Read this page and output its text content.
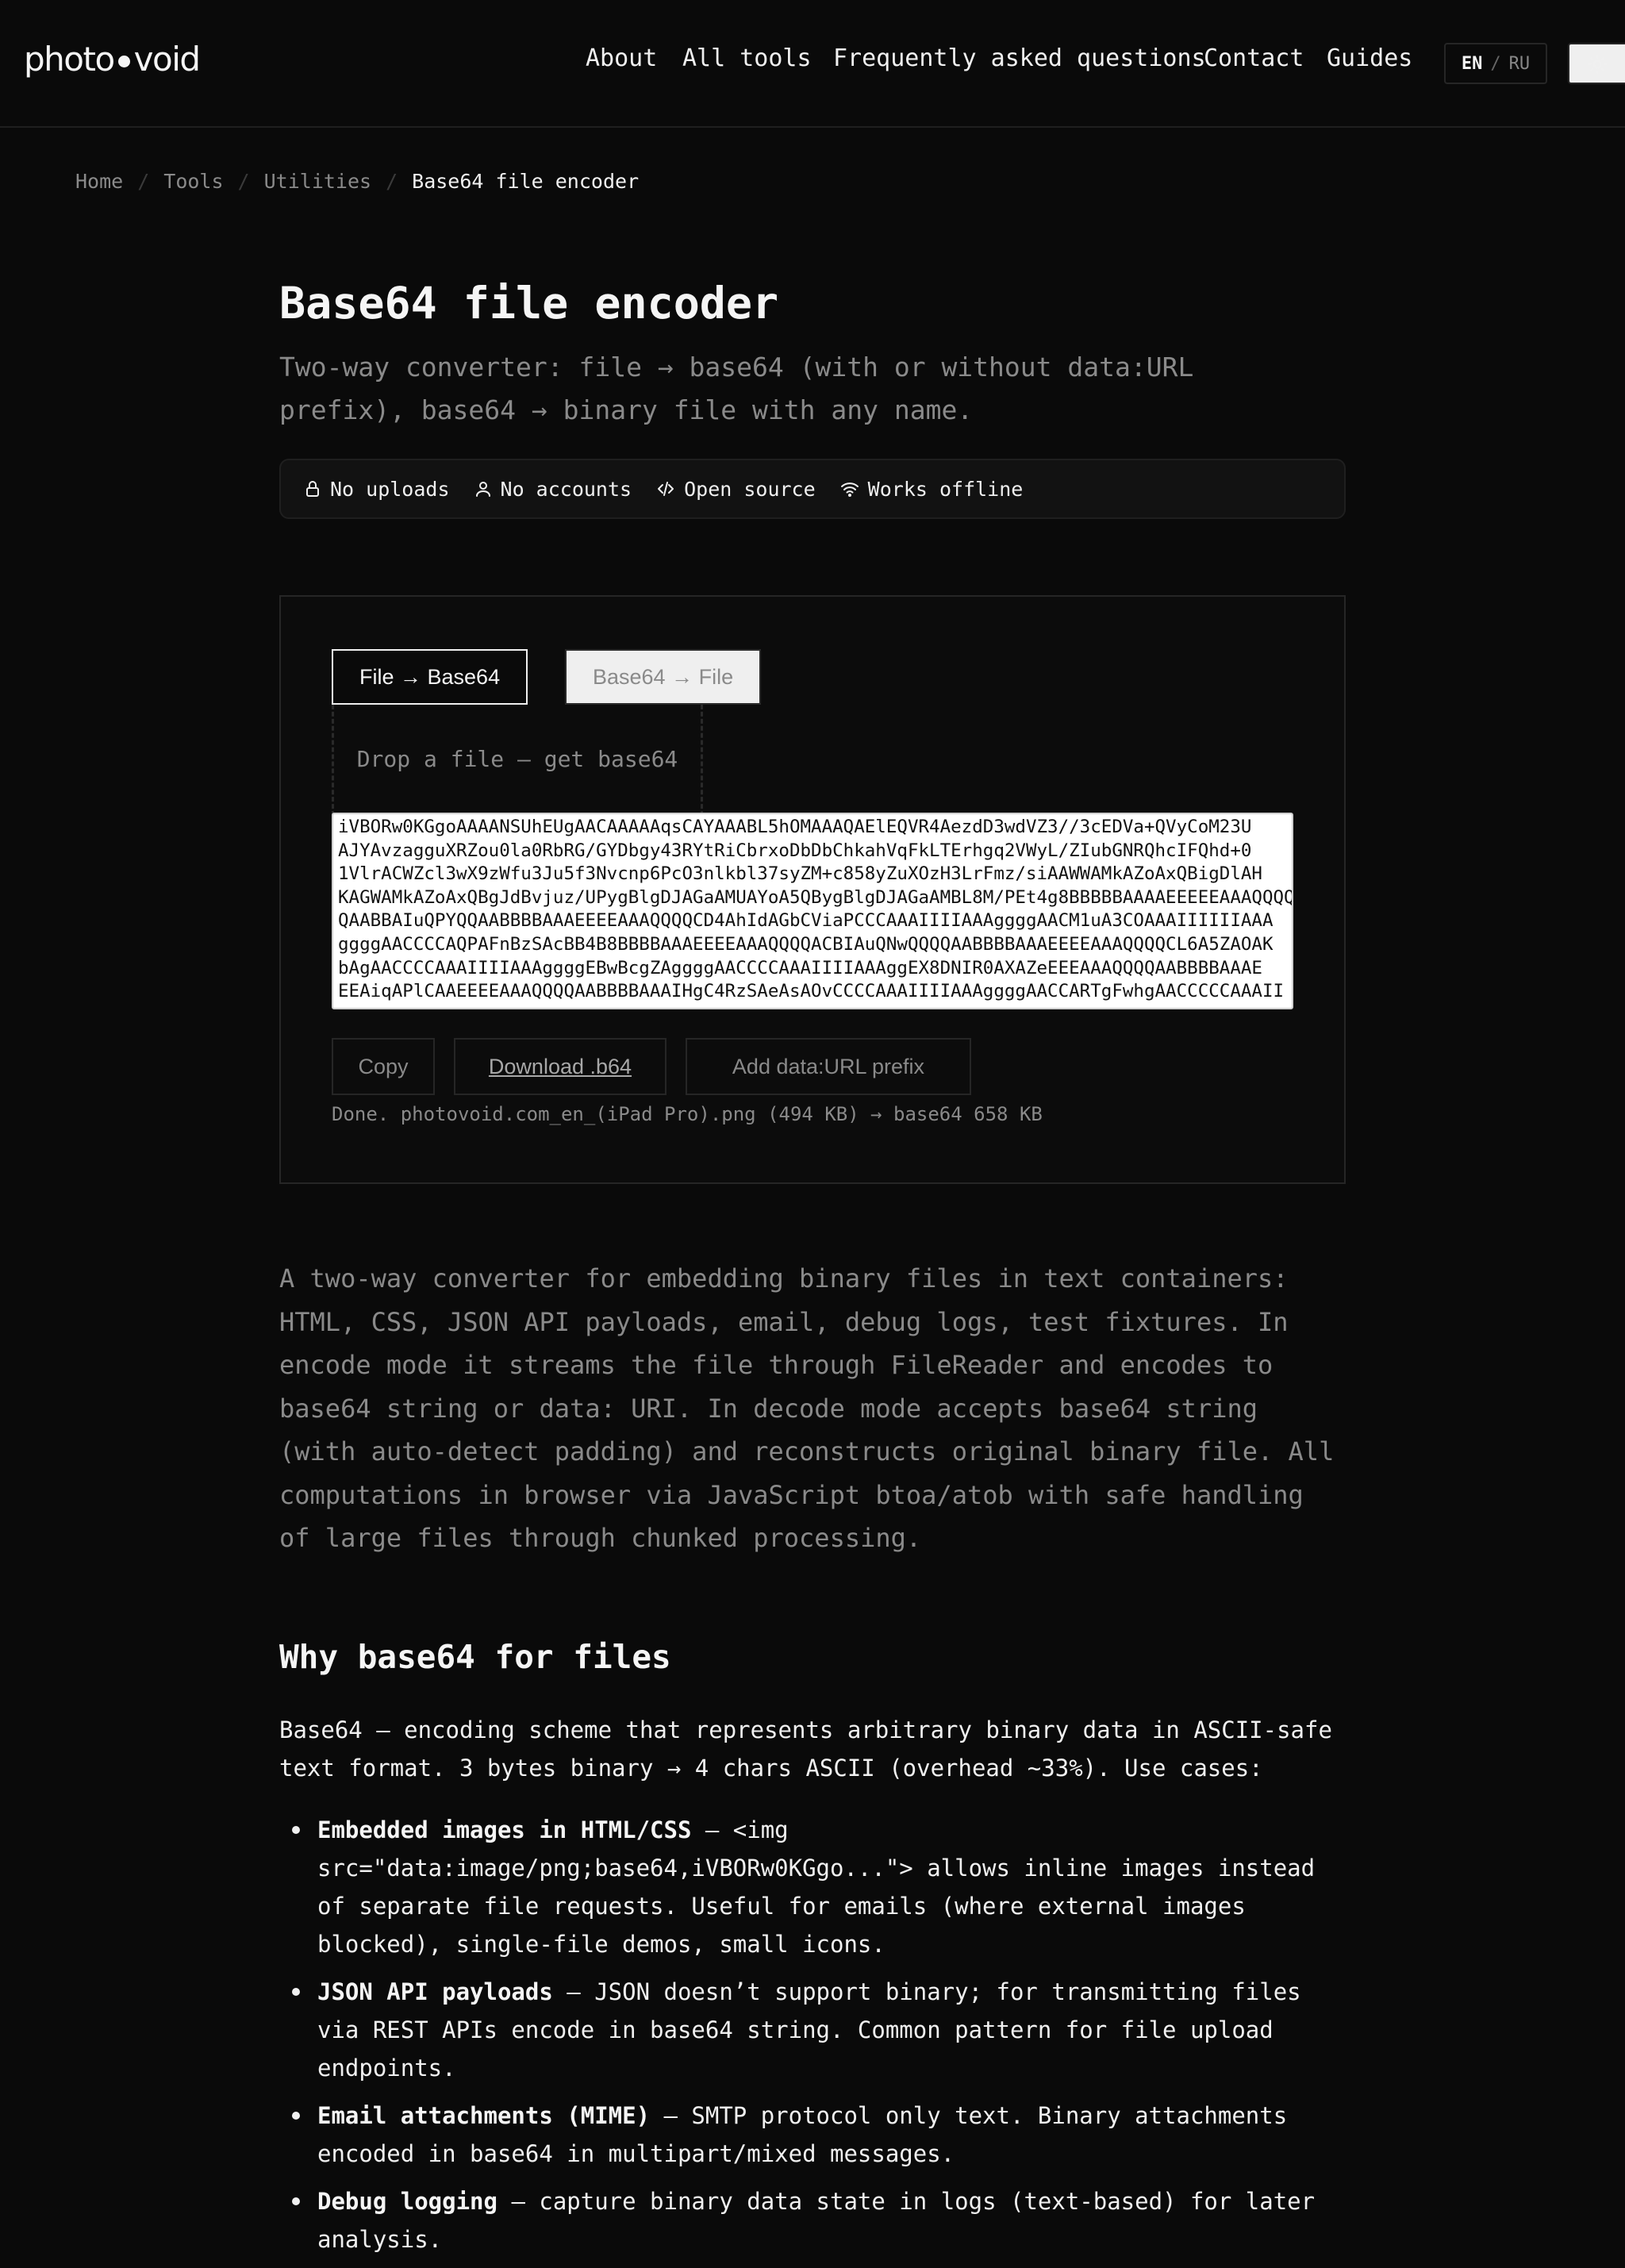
photo void	About All tools Frequently asked questions
Contact Guides	EN / RU
Home / Tools / Utilities / Base64 file encoder
Base64 file encoder

Two-way converter: file → base64 (with or without data:URL prefix), base64 → binary file with any name.

No uploads	No accounts	Open source	Works offline
File → Base64	Base64 → File
Drop a file — get base64
iVBORw0KGgoAAAANSUhEUgAACAAAAAqsCAYAAABL5hOMAAAQAElEQVR4AezdD3wdVZ3//3cEDVa+QVyCoM23U AJYAvzagguXRZou0la0RbRG/GYDbgy43RYtRiCbrxoDbDbChkahVqFkLTErhgq2VWyL/ZIubGNRQhcIFQhd+0 1VlrACWZcl3wX9zWfu3Ju5f3Nvcnp6PcO3nlkbl37syZM+c858yZuXOzH3LrFmz/siAAWWAMkAZoAxQBigDlAH KAGWAMkAZoAxQBgJdBvjuz/UPygBlgDJAGaAMUAYoA5QBygBlgDJAGaAMBL8M/PEt4g8BBBBBAAAAEEEEEAAAQQQQ QAABBAIuQPYQQAABBBBAAAEEEEAAAQQQQCD4AhIdAGbCViaPCCCAAAIIIIAAAggggAACM1uA3COAAAIIIIIIAAA ggggAACCCCAQPAFnBzSAcBB4B8BBBBAAAEEEEAAAQQQQACBIAuQNwQQQQAABBBBAAAEEEEAAAQQQQCL6A5ZAOAK bAgAACCCCAAAIIIIAAAggggEBwBcgZAggggAACCCCAAAIIIIAAAggEX8DNIR0AXAZeEEEAAAQQQQAABBBBAAAE EEAiqAPlCAAEEEEAAAQQQQAABBBBAAAIHgC4RzSAeAsAOvCCCCAAAIIIIAAAggggAACCARTgFwhgAACCCCCAAAII
Copy	Download .b64	Add data:URL prefix

Done. photovoid.com_en_(iPad Pro).png (494 KB) → base64 658 KB

A two-way converter for embedding binary files in text containers: HTML, CSS, JSON API payloads, email, debug logs, test fixtures. In encode mode it streams the file through FileReader and encodes to base64 string or data: URI. In decode mode accepts base64 string (with auto-detect padding) and reconstructs original binary file. All computations in browser via JavaScript btoa/atob with safe handling of large files through chunked processing.

Why base64 for files

Base64 — encoding scheme that represents arbitrary binary data in ASCII-safe text format. 3 bytes binary → 4 chars ASCII (overhead ~33%). Use cases:

Embedded images in HTML/CSS — <img src="data:image/png;base64,iVBORw0KGgo..."> allows inline images instead of separate file requests. Useful for emails (where external images blocked), single-file demos, small icons.
JSON API payloads — JSON doesn’t support binary; for transmitting files via REST APIs encode in base64 string. Common pattern for file upload endpoints.
Email attachments (MIME) — SMTP protocol only text. Binary attachments encoded in base64 in multipart/mixed messages.
Debug logging — capture binary data state in logs (text-based) for later analysis.
